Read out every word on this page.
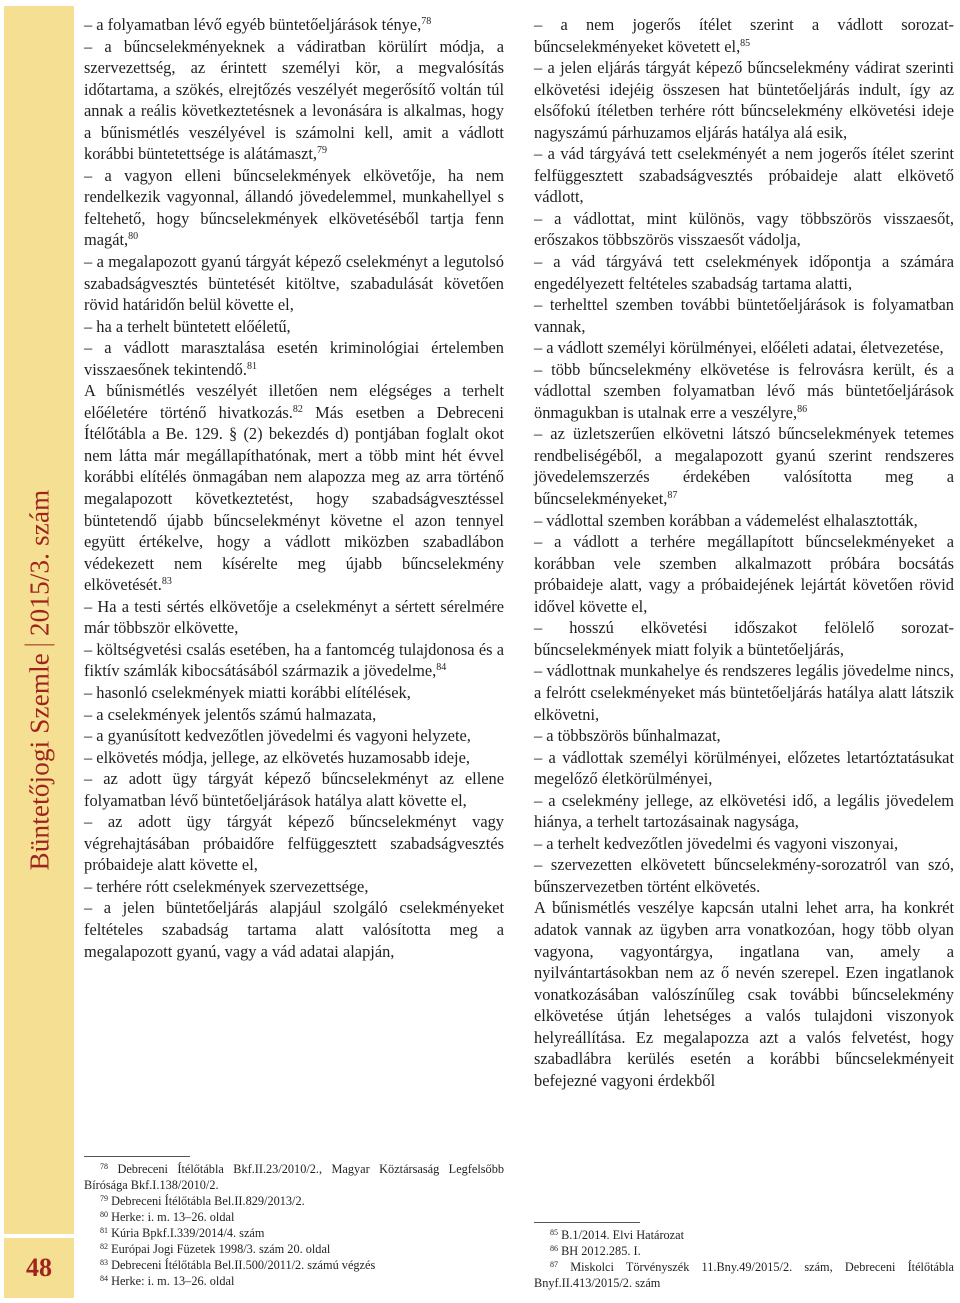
Büntetőjogi Szemle2015/3. szám
48

– a folyamatban lévő egyéb büntetőeljárások ténye,$^{78}$

– a bűncselekményeknek a vádiratban körülírt módja, a szervezettség, az érintett személyi kör, a megvalósítás időtartama, a szökés, elrejtőzés veszélyét megerősítő voltán túl annak a reális következtetésnek a levonására is alkalmas, hogy a bűnismétlés veszélyével is számolni kell, amit a vádlott korábbi büntetettsége is alátámaszt,$^{79}$

– a vagyon elleni bűncselekmények elkövetője, ha nem rendelkezik vagyonnal, állandó jövedelemmel, munkahellyel s feltehető, hogy bűncselekmények elkövetéséből tartja fenn magát,$^{80}$

– a megalapozott gyanú tárgyát képező cselekményt a legutolsó szabadságvesztés büntetését kitöltve, szabadulását követően rövid határidőn belül követte el,

– ha a terhelt büntetett előéletű,

– a vádlott marasztalása esetén kriminológiai értelemben visszaesőnek tekintendő.$^{81}$

A bűnismétlés veszélyét illetően nem elégséges a terhelt előéletére történő hivatkozás.$^{82}$ Más esetben a Debreceni Ítélőtábla a Be. 129. § (2) bekezdés d) pontjában foglalt okot nem látta már megállapíthatónak, mert a több mint hét évvel korábbi elítélés önmagában nem alapozza meg az arra történő megalapozott következtetést, hogy szabadságvesztéssel büntetendő újabb bűncselekményt követne el azon tennyel együtt értékelve, hogy a vádlott miközben szabadlábon védekezett nem kísérelte meg újabb bűncselekmény elkövetését.$^{83}$

– Ha a testi sértés elkövetője a cselekményt a sértett sérelmére már többször elkövette,

– költségvetési csalás esetében, ha a fantomcég tulajdonosa és a fiktív számlák kibocsátásából származik a jövedelme,$^{84}$

– hasonló cselekmények miatti korábbi elítélések,

– a cselekmények jelentős számú halmazata,

– a gyanúsított kedvezőtlen jövedelmi és vagyoni helyzete,

– elkövetés módja, jellege, az elkövetés huzamosabb ideje,

– az adott ügy tárgyát képező bűncselekményt az ellene folyamatban lévő büntetőeljárások hatálya alatt követte el,

– az adott ügy tárgyát képező bűncselekményt vagy végrehajtásában próbaidőre felfüggesztett szabadságvesztés próbaideje alatt követte el,

– terhére rótt cselekmények szervezettsége,

– a jelen büntetőeljárás alapjául szolgáló cselekményeket feltételes szabadság tartama alatt valósította meg a megalapozott gyanú, vagy a vád adatai alapján,

– a nem jogerős ítélet szerint a vádlott sorozat-bűncselekményeket követett el,$^{85}$

– a jelen eljárás tárgyát képező bűncselekmény vádirat szerinti elkövetési idejéig összesen hat büntetőeljárás indult, így az elsőfokú ítéletben terhére rótt bűncselekmény elkövetési ideje nagyszámú párhuzamos eljárás hatálya alá esik,

– a vád tárgyává tett cselekményét a nem jogerős ítélet szerint felfüggesztett szabadságvesztés próbaideje alatt elkövető vádlott,

– a vádlottat, mint különös, vagy többszörös visszaesőt, erőszakos többszörös visszaesőt vádolja,

– a vád tárgyává tett cselekmények időpontja a számára engedélyezett feltételes szabadság tartama alatti,

– terhelttel szemben további büntetőeljárások is folyamatban vannak,

– a vádlott személyi körülményei, előéleti adatai, életvezetése,

– több bűncselekmény elkövetése is felrovásra került, és a vádlottal szemben folyamatban lévő más büntetőeljárások önmagukban is utalnak erre a veszélyre,$^{86}$

– az üzletszerűen elkövetni látszó bűncselekmények tetemes rendbeliségéből, a megalapozott gyanú szerint rendszeres jövedelemszerzés érdekében valósította meg a bűncselekményeket,$^{87}$

– vádlottal szemben korábban a vádemelést elhalasztották,

– a vádlott a terhére megállapított bűncselekményeket a korábban vele szemben alkalmazott próbára bocsátás próbaideje alatt, vagy a próbaidejének lejártát követően rövid idővel követte el,

– hosszú elkövetési időszakot felölelő sorozat-bűncselekmények miatt folyik a büntetőeljárás,

– vádlottnak munkahelye és rendszeres legális jövedelme nincs, a felrótt cselekményeket más büntetőeljárás hatálya alatt látszik elkövetni,

– a többszörös bűnhalmazat,

– a vádlottak személyi körülményei, előzetes letartóztatásukat megelőző életkörülményei,

– a cselekmény jellege, az elkövetési idő, a legális jövedelem hiánya, a terhelt tartozásainak nagysága,

– a terhelt kedvezőtlen jövedelmi és vagyoni viszonyai,

– szervezetten elkövetett bűncselekmény-sorozatról van szó, bűnszervezetben történt elkövetés.

A bűnismétlés veszélye kapcsán utalni lehet arra, ha konkrét adatok vannak az ügyben arra vonatkozóan, hogy több olyan vagyona, vagyontárgya, ingatlana van, amely a nyilvántartásokban nem az ő nevén szerepel. Ezen ingatlanok vonatkozásában valószínűleg csak további bűncselekmény elkövetése útján lehetséges a valós tulajdoni viszonyok helyreállítása. Ez megalapozza azt a valós felvetést, hogy szabadlábra kerülés esetén a korábbi bűncselekményeit befejezné vagyoni érdekből

$^{78}$ Debreceni Ítélőtábla Bkf.II.23/2010/2., Magyar Köztársaság Legfelsőbb Bírósága Bkf.I.138/2010/2.

$^{79}$ Debreceni Ítélőtábla Bel.II.829/2013/2.

$^{80}$ Herke: i. m. 13–26. oldal

$^{81}$ Kúria Bpkf.I.339/2014/4. szám

$^{82}$ Európai Jogi Füzetek 1998/3. szám 20. oldal

$^{83}$ Debreceni Ítélőtábla Bel.II.500/2011/2. számú végzés

$^{84}$ Herke: i. m. 13–26. oldal

$^{85}$ B.1/2014. Elvi Határozat

$^{86}$ BH 2012.285. I.

$^{87}$ Miskolci Törvényszék 11.Bny.49/2015/2. szám, Debreceni Ítélőtábla Bnyf.II.413/2015/2. szám
